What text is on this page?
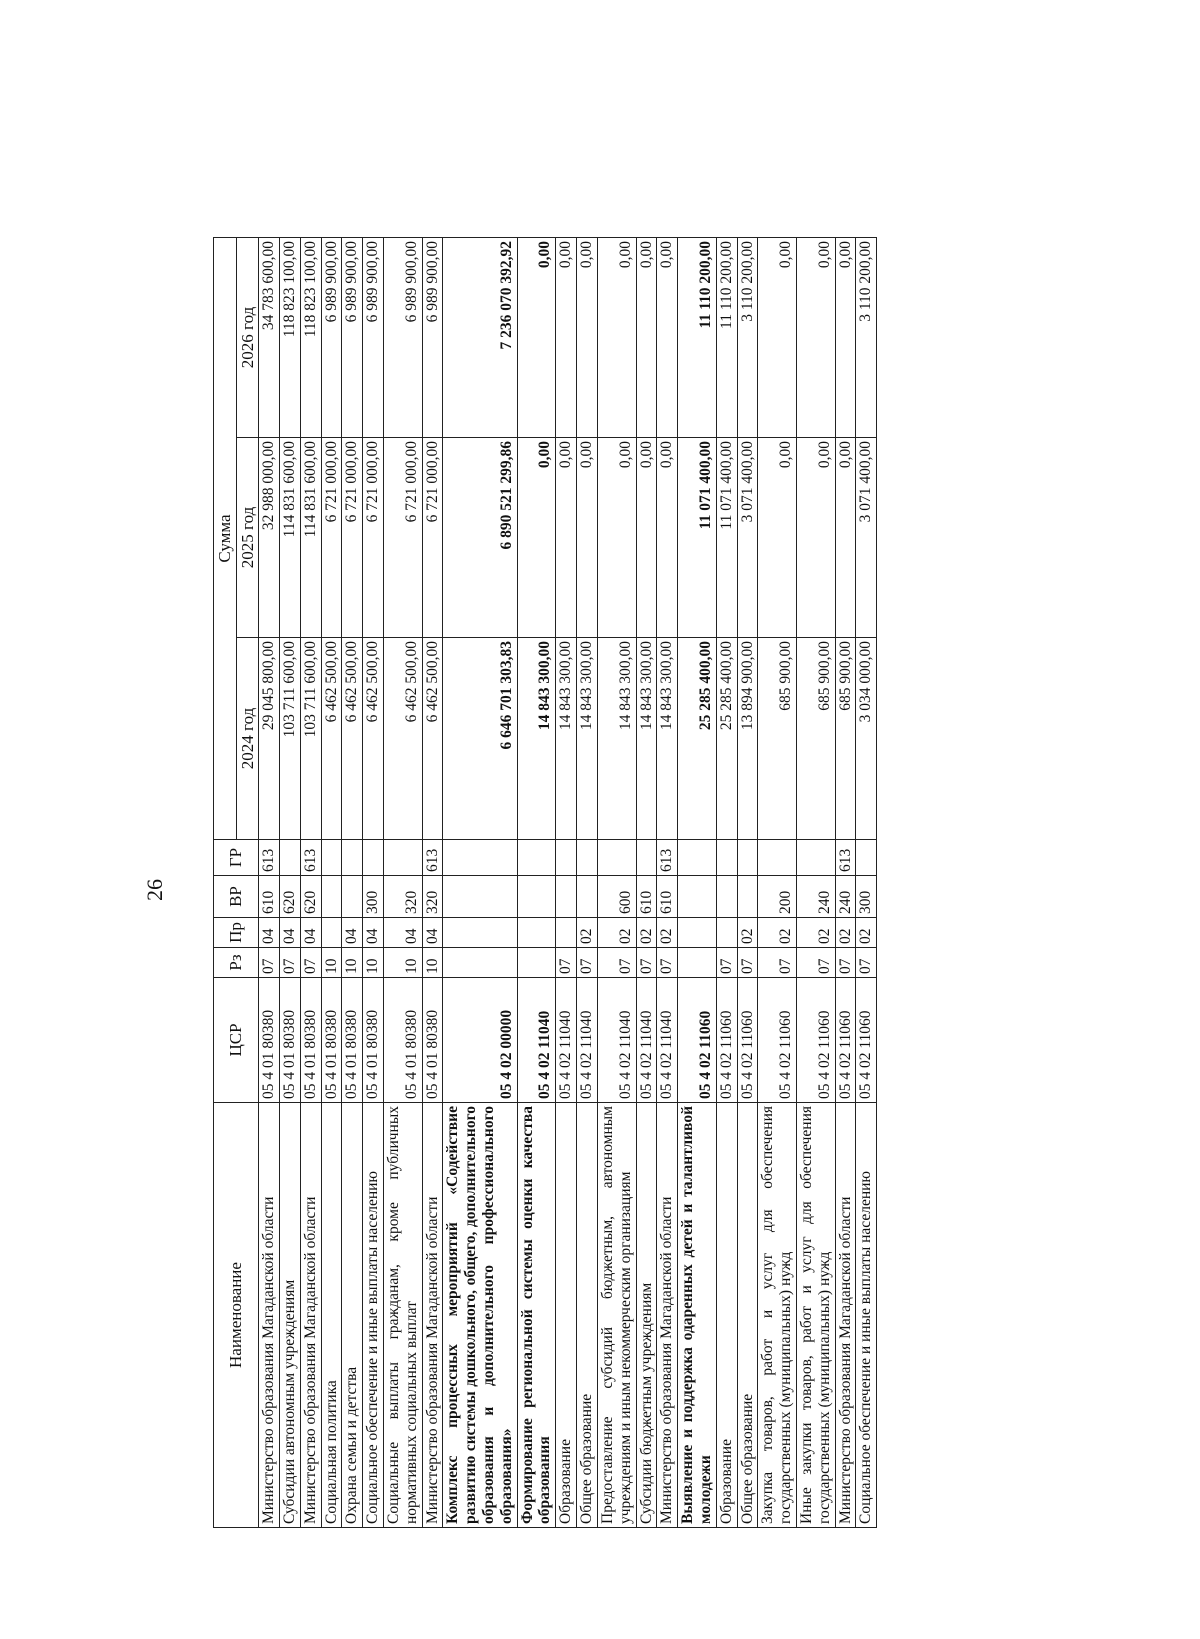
26
Наименование	ЦСР	Рз	Пр	ВР	ГР	Сумма		
						2024 год	2025 год	2026 год
Министерство образования Магаданской области	05 4 01 80380	07	04	610	613	29 045 800,00	32 988 000,00	34 783 600,00
Субсидии автономным учреждениям	05 4 01 80380	07	04	620		103 711 600,00	114 831 600,00	118 823 100,00
Министерство образования Магаданской области	05 4 01 80380	07	04	620	613	103 711 600,00	114 831 600,00	118 823 100,00
Социальная политика	05 4 01 80380	10				6 462 500,00	6 721 000,00	6 989 900,00
Охрана семьи и детства	05 4 01 80380	10	04			6 462 500,00	6 721 000,00	6 989 900,00
Социальное обеспечение и иные выплаты населению	05 4 01 80380	10	04	300		6 462 500,00	6 721 000,00	6 989 900,00
Социальные выплаты гражданам, кроме публичных нормативных социальных выплат	05 4 01 80380	10	04	320		6 462 500,00	6 721 000,00	6 989 900,00
Министерство образования Магаданской области	05 4 01 80380	10	04	320	613	6 462 500,00	6 721 000,00	6 989 900,00
Комплекс процессных мероприятий «Содействие развитию системы дошкольного, общего, дополнительного образования и дополнительного профессионального образования»	05 4 02 00000					6 646 701 303,83	6 890 521 299,86	7 236 070 392,92
Формирование региональной системы оценки качества образования	05 4 02 11040					14 843 300,00	0,00	0,00
Образование	05 4 02 11040	07				14 843 300,00	0,00	0,00
Общее образование	05 4 02 11040	07	02			14 843 300,00	0,00	0,00
Предоставление субсидий бюджетным, автономным учреждениям и иным некоммерческим организациям	05 4 02 11040	07	02	600		14 843 300,00	0,00	0,00
Субсидии бюджетным учреждениям	05 4 02 11040	07	02	610		14 843 300,00	0,00	0,00
Министерство образования Магаданской области	05 4 02 11040	07	02	610	613	14 843 300,00	0,00	0,00
Выявление и поддержка одаренных детей и талантливой молодежи	05 4 02 11060					25 285 400,00	11 071 400,00	11 110 200,00
Образование	05 4 02 11060	07				25 285 400,00	11 071 400,00	11 110 200,00
Общее образование	05 4 02 11060	07	02			13 894 900,00	3 071 400,00	3 110 200,00
Закупка товаров, работ и услуг для обеспечения государственных (муниципальных) нужд	05 4 02 11060	07	02	200		685 900,00	0,00	0,00
Иные закупки товаров, работ и услуг для обеспечения государственных (муниципальных) нужд	05 4 02 11060	07	02	240		685 900,00	0,00	0,00
Министерство образования Магаданской области	05 4 02 11060	07	02	240	613	685 900,00	0,00	0,00
Социальное обеспечение и иные выплаты населению	05 4 02 11060	07	02	300		3 034 000,00	3 071 400,00	3 110 200,00
